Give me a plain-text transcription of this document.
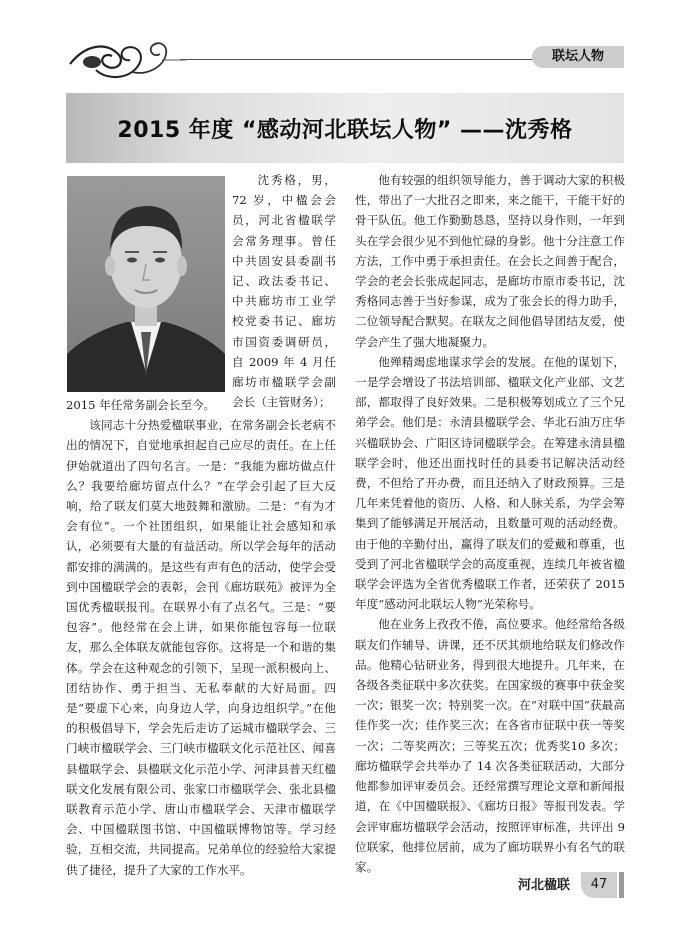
联坛人物
2015 年度 “感动河北联坛人物” ——沈秀格

沈秀格，男，72 岁，中楹会会员，河北省楹联学会常务理事。曾任中共固安县委副书记、政法委书记、中共廊坊市工业学校党委书记、廊坊市国资委调研员，自 2009 年 4 月任廊坊市楹联学会副会长（主管财务）；

2015 年任常务副会长至今。

该同志十分热爱楹联事业，在常务副会长老病不出的情况下，自觉地承担起自己应尽的责任。在上任伊始就道出了四句名言。一是：“我能为廊坊做点什么？我要给廊坊留点什么？”在学会引起了巨大反响，给了联友们莫大地鼓舞和激励。二是：“有为才会有位”。一个社团组织，如果能让社会感知和承认，必须要有大量的有益活动。所以学会每年的活动都安排的满满的。是这些有声有色的活动，使学会受到中国楹联学会的表彰，会刊《廊坊联苑》被评为全国优秀楹联报刊。在联界小有了点名气。三是：“要包容”。他经常在会上讲，如果你能包容每一位联友，那么全体联友就能包容你。这将是一个和谐的集体。学会在这种观念的引领下，呈现一派积极向上、团结协作、勇于担当、无私奉献的大好局面。四是“要虚下心来，向身边人学，向身边组织学。”在他的积极倡导下，学会先后走访了运城市楹联学会、三门峡市楹联学会、三门峡市楹联文化示范社区、闻喜县楹联学会、县楹联文化示范小学、河津县普天红楹联文化发展有限公司、张家口市楹联学会、张北县楹联教育示范小学、唐山市楹联学会、天津市楹联学会、中国楹联图书馆、中国楹联博物馆等。学习经验，互相交流，共同提高。兄弟单位的经验给大家提供了捷径，提升了大家的工作水平。

他有较强的组织领导能力，善于调动大家的积极性，带出了一大批召之即来，来之能干，干能干好的骨干队伍。他工作勤勤恳恳，坚持以身作则，一年到头在学会很少见不到他忙碌的身影。他十分注意工作方法，工作中勇于承担责任。在会长之间善于配合，学会的老会长张成起同志，是廊坊市原市委书记，沈秀格同志善于当好参谋，成为了张会长的得力助手，二位领导配合默契。在联友之间他倡导团结友爱，使学会产生了强大地凝聚力。

他殚精竭虑地谋求学会的发展。在他的谋划下，一是学会增设了书法培训部、楹联文化产业部、文艺部，都取得了良好效果。二是积极筹划成立了三个兄弟学会。他们是：永清县楹联学会、华北石油万庄华兴楹联协会、广阳区诗词楹联学会。在筹建永清县楹联学会时，他还出面找时任的县委书记解决活动经费，不但给了开办费，而且还纳入了财政预算。三是几年来凭着他的资历、人格、和人脉关系，为学会筹集到了能够满足开展活动，且数量可观的活动经费。由于他的辛勤付出，赢得了联友们的爱戴和尊重，也受到了河北省楹联学会的高度重视，连续几年被省楹联学会评选为全省优秀楹联工作者，还荣获了 2015 年度“感动河北联坛人物”光荣称号。

他在业务上孜孜不倦，高位要求。他经常给各级联友们作辅导、讲课，还不厌其烦地给联友们修改作品。他精心钻研业务，得到很大地提升。几年来，在各级各类征联中多次获奖。在国家级的赛事中获金奖一次；银奖一次；特别奖一次。在“对联中国”获最高佳作奖一次；佳作奖三次；在各省市征联中获一等奖一次；二等奖两次；三等奖五次；优秀奖10 多次；廊坊楹联学会共举办了 14 次各类征联活动，大部分他都参加评审委员会。还经常撰写理论文章和新闻报道，在《中国楹联报》、《廊坊日报》等报刊发表。学会评审廊坊楹联学会活动，按照评审标准，共评出 9 位联家，他排位居前，成为了廊坊联界小有名气的联家。

河北楹联	47
